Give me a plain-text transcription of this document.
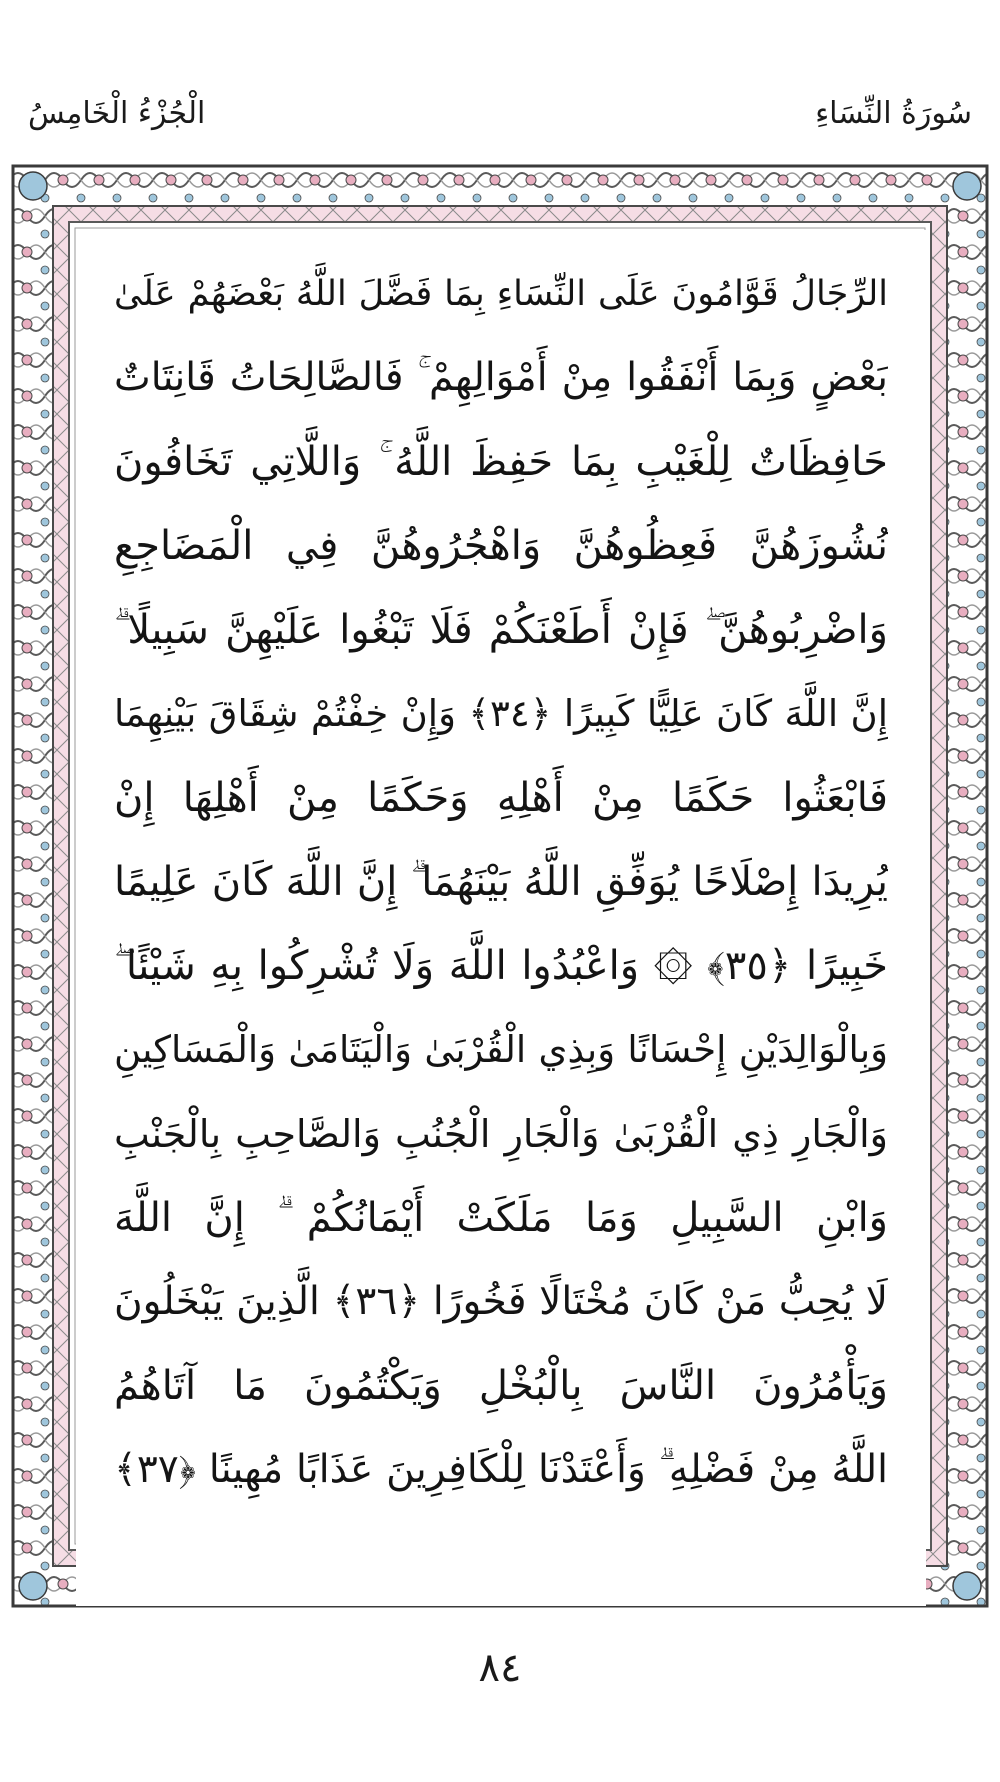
سُورَةُ النِّسَاءِ
الْجُزْءُ الْخَامِسُ
الرِّجَالُ قَوَّامُونَ عَلَى النِّسَاءِ بِمَا فَضَّلَ اللَّهُ بَعْضَهُمْ عَلَىٰ
بَعْضٍ وَبِمَا أَنْفَقُوا مِنْ أَمْوَالِهِمْ ۚ فَالصَّالِحَاتُ قَانِتَاتٌ
حَافِظَاتٌ لِلْغَيْبِ بِمَا حَفِظَ اللَّهُ ۚ وَاللَّاتِي تَخَافُونَ
نُشُوزَهُنَّ فَعِظُوهُنَّ وَاهْجُرُوهُنَّ فِي الْمَضَاجِعِ
وَاضْرِبُوهُنَّ ۖ فَإِنْ أَطَعْنَكُمْ فَلَا تَبْغُوا عَلَيْهِنَّ سَبِيلًا ۗ
إِنَّ اللَّهَ كَانَ عَلِيًّا كَبِيرًا ﴿٣٤﴾ وَإِنْ خِفْتُمْ شِقَاقَ بَيْنِهِمَا
فَابْعَثُوا حَكَمًا مِنْ أَهْلِهِ وَحَكَمًا مِنْ أَهْلِهَا إِنْ
يُرِيدَا إِصْلَاحًا يُوَفِّقِ اللَّهُ بَيْنَهُمَا ۗ إِنَّ اللَّهَ كَانَ عَلِيمًا
خَبِيرًا ﴿٣٥﴾ ۞ وَاعْبُدُوا اللَّهَ وَلَا تُشْرِكُوا بِهِ شَيْئًا ۖ
وَبِالْوَالِدَيْنِ إِحْسَانًا وَبِذِي الْقُرْبَىٰ وَالْيَتَامَىٰ وَالْمَسَاكِينِ
وَالْجَارِ ذِي الْقُرْبَىٰ وَالْجَارِ الْجُنُبِ وَالصَّاحِبِ بِالْجَنْبِ
وَابْنِ السَّبِيلِ وَمَا مَلَكَتْ أَيْمَانُكُمْ ۗ إِنَّ اللَّهَ
لَا يُحِبُّ مَنْ كَانَ مُخْتَالًا فَخُورًا ﴿٣٦﴾ الَّذِينَ يَبْخَلُونَ
وَيَأْمُرُونَ النَّاسَ بِالْبُخْلِ وَيَكْتُمُونَ مَا آتَاهُمُ
اللَّهُ مِنْ فَضْلِهِ ۗ وَأَعْتَدْنَا لِلْكَافِرِينَ عَذَابًا مُهِينًا ﴿٣٧﴾
٨٤
